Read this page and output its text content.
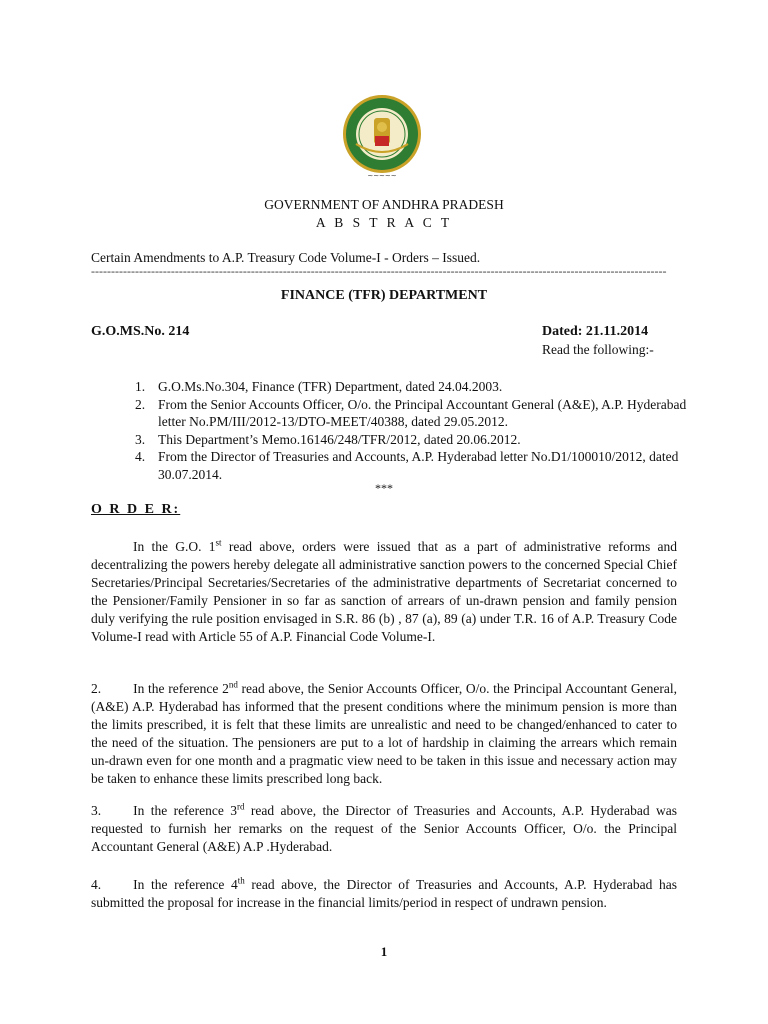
~~~~~
GOVERNMENT OF ANDHRA PRADESH
A B S T R A C T
Certain Amendments to A.P. Treasury Code Volume-I - Orders – Issued.
------------------------------------------------------------------------------------------------------------------------------------------------
FINANCE (TFR) DEPARTMENT
G.O.MS.No. 214	Dated: 21.11.2014
Read the following:-
1. G.O.Ms.No.304, Finance (TFR) Department, dated 24.04.2003.
2. From the Senior Accounts Officer, O/o. the Principal Accountant General (A&E), A.P. Hyderabad letter No.PM/III/2012-13/DTO-MEET/40388, dated 29.05.2012.
3. This Department’s Memo.16146/248/TFR/2012, dated 20.06.2012.
4. From the Director of Treasuries and Accounts, A.P. Hyderabad letter No.D1/100010/2012, dated 30.07.2014.
***
O R D E R:
In the G.O. 1st read above, orders were issued that as a part of administrative reforms and decentralizing the powers hereby delegate all administrative sanction powers to the concerned Special Chief Secretaries/Principal Secretaries/Secretaries of the administrative departments of Secretariat concerned to the Pensioner/Family Pensioner in so far as sanction of arrears of un-drawn pension and family pension duly verifying the rule position envisaged in S.R. 86 (b) , 87 (a), 89 (a) under T.R. 16 of A.P. Treasury Code Volume-I read with Article 55 of A.P. Financial Code Volume-I.
2. In the reference 2nd read above, the Senior Accounts Officer, O/o. the Principal Accountant General, (A&E) A.P. Hyderabad has informed that the present conditions where the minimum pension is more than the limits prescribed, it is felt that these limits are unrealistic and need to be changed/enhanced to cater to the need of the situation. The pensioners are put to a lot of hardship in claiming the arrears which remain un-drawn even for one month and a pragmatic view need to be taken in this issue and necessary action may be taken to enhance these limits prescribed long back.
3. In the reference 3rd read above, the Director of Treasuries and Accounts, A.P. Hyderabad was requested to furnish her remarks on the request of the Senior Accounts Officer, O/o. the Principal Accountant General (A&E) A.P .Hyderabad.
4. In the reference 4th read above, the Director of Treasuries and Accounts, A.P. Hyderabad has submitted the proposal for increase in the financial limits/period in respect of undrawn pension.
1
